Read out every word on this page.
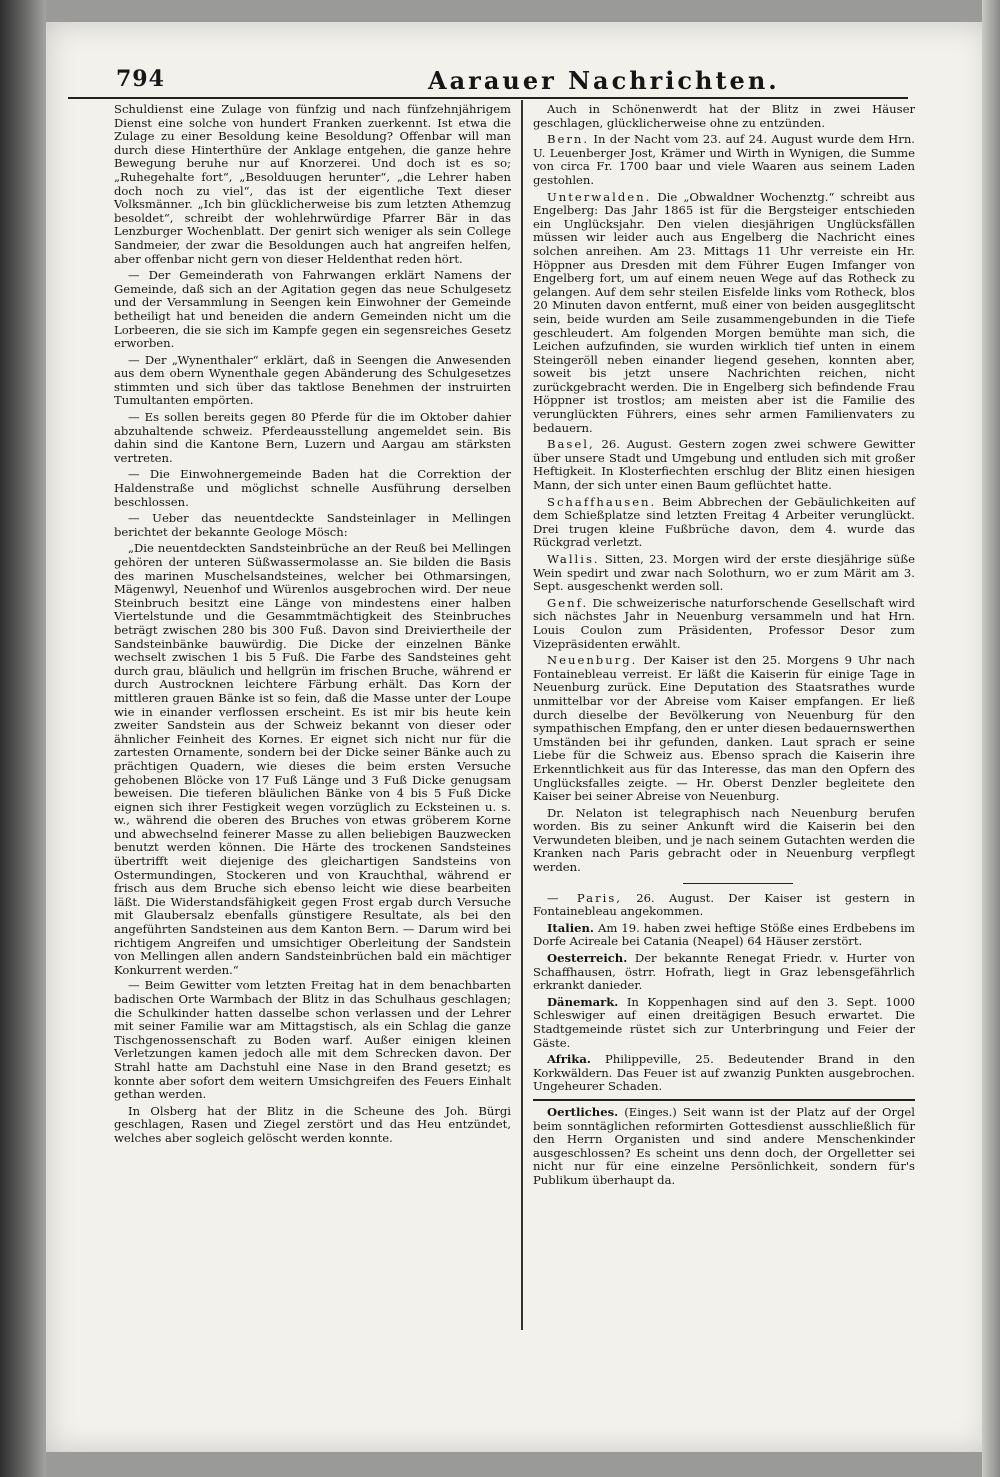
794	Aarauer Nachrichten.

Schuldienst eine Zulage von fünfzig und nach fünfzehnjährigem Dienst eine solche von hundert Franken zuerkennt. Ist etwa die Zulage zu einer Besoldung keine Besoldung? Offenbar will man durch diese Hinterthüre der Anklage entgehen, die ganze hehre Bewegung beruhe nur auf Knorzerei. Und doch ist es so; „Ruhegehalte fort“, „Besolduugen herunter“, „die Lehrer haben doch noch zu viel“, das ist der eigentliche Text dieser Volksmänner. „Ich bin glücklicherweise bis zum letzten Athemzug besoldet“, schreibt der wohlehrwürdige Pfarrer Bär in das Lenzburger Wochenblatt. Der genirt sich weniger als sein College Sandmeier, der zwar die Besoldungen auch hat angreifen helfen, aber offenbar nicht gern von dieser Heldenthat reden hört.

— Der Gemeinderath von Fahrwangen erklärt Namens der Gemeinde, daß sich an der Agitation gegen das neue Schulgesetz und der Versammlung in Seengen kein Einwohner der Gemeinde betheiligt hat und beneiden die andern Gemeinden nicht um die Lorbeeren, die sie sich im Kampfe gegen ein segensreiches Gesetz erworben.

— Der „Wynenthaler“ erklärt, daß in Seengen die Anwesenden aus dem obern Wynenthale gegen Abänderung des Schulgesetzes stimmten und sich über das taktlose Benehmen der instruirten Tumultanten empörten.

— Es sollen bereits gegen 80 Pferde für die im Oktober dahier abzuhaltende schweiz. Pferdeausstellung angemeldet sein. Bis dahin sind die Kantone Bern, Luzern und Aargau am stärksten vertreten.

— Die Einwohnergemeinde Baden hat die Correktion der Haldenstraße und möglichst schnelle Ausführung derselben beschlossen.

— Ueber das neuentdeckte Sandsteinlager in Mellingen berichtet der bekannte Geologe Mösch:

„Die neuentdeckten Sandsteinbrüche an der Reuß bei Mellingen gehören der unteren Süßwassermolasse an. Sie bilden die Basis des marinen Muschelsandsteines, welcher bei Othmarsingen, Mägenwyl, Neuenhof und Würenlos ausgebrochen wird. Der neue Steinbruch besitzt eine Länge von mindestens einer halben Viertelstunde und die Gesammtmächtigkeit des Steinbruches beträgt zwischen 280 bis 300 Fuß. Davon sind Dreiviertheile der Sandsteinbänke bauwürdig. Die Dicke der einzelnen Bänke wechselt zwischen 1 bis 5 Fuß. Die Farbe des Sandsteines geht durch grau, bläulich und hellgrün im frischen Bruche, während er durch Austrocknen leichtere Färbung erhält. Das Korn der mittleren grauen Bänke ist so fein, daß die Masse unter der Loupe wie in einander verflossen erscheint. Es ist mir bis heute kein zweiter Sandstein aus der Schweiz bekannt von dieser oder ähnlicher Feinheit des Kornes. Er eignet sich nicht nur für die zartesten Ornamente, sondern bei der Dicke seiner Bänke auch zu prächtigen Quadern, wie dieses die beim ersten Versuche gehobenen Blöcke von 17 Fuß Länge und 3 Fuß Dicke genugsam beweisen. Die tieferen bläulichen Bänke von 4 bis 5 Fuß Dicke eignen sich ihrer Festigkeit wegen vorzüglich zu Ecksteinen u. s. w., während die oberen des Bruches von etwas gröberem Korne und abwechselnd feinerer Masse zu allen beliebigen Bauzwecken benutzt werden können. Die Härte des trockenen Sandsteines übertrifft weit diejenige des gleichartigen Sandsteins von Ostermundingen, Stockeren und von Krauchthal, während er frisch aus dem Bruche sich ebenso leicht wie diese bearbeiten läßt. Die Widerstandsfähigkeit gegen Frost ergab durch Versuche mit Glaubersalz ebenfalls günstigere Resultate, als bei den angeführten Sandsteinen aus dem Kanton Bern. — Darum wird bei richtigem Angreifen und umsichtiger Oberleitung der Sandstein von Mellingen allen andern Sandsteinbrüchen bald ein mächtiger Konkurrent werden.“

— Beim Gewitter vom letzten Freitag hat in dem benachbarten badischen Orte Warmbach der Blitz in das Schulhaus geschlagen; die Schulkinder hatten dasselbe schon verlassen und der Lehrer mit seiner Familie war am Mittagstisch, als ein Schlag die ganze Tischgenossenschaft zu Boden warf. Außer einigen kleinen Verletzungen kamen jedoch alle mit dem Schrecken davon. Der Strahl hatte am Dachstuhl eine Nase in den Brand gesetzt; es konnte aber sofort dem weitern Umsichgreifen des Feuers Einhalt gethan werden.

In Olsberg hat der Blitz in die Scheune des Joh. Bürgi geschlagen, Rasen und Ziegel zerstört und das Heu entzündet, welches aber sogleich gelöscht werden konnte.

Auch in Schönenwerdt hat der Blitz in zwei Häuser geschlagen, glücklicherweise ohne zu entzünden.

Bern. In der Nacht vom 23. auf 24. August wurde dem Hrn. U. Leuenberger Jost, Krämer und Wirth in Wynigen, die Summe von circa Fr. 1700 baar und viele Waaren aus seinem Laden gestohlen.

Unterwalden. Die „Obwaldner Wochenztg.“ schreibt aus Engelberg: Das Jahr 1865 ist für die Bergsteiger entschieden ein Unglücksjahr. Den vielen diesjährigen Unglücksfällen müssen wir leider auch aus Engelberg die Nachricht eines solchen anreihen. Am 23. Mittags 11 Uhr verreiste ein Hr. Höppner aus Dresden mit dem Führer Eugen Imfanger von Engelberg fort, um auf einem neuen Wege auf das Rotheck zu gelangen. Auf dem sehr steilen Eisfelde links vom Rotheck, blos 20 Minuten davon entfernt, muß einer von beiden ausgeglitscht sein, beide wurden am Seile zusammengebunden in die Tiefe geschleudert. Am folgenden Morgen bemühte man sich, die Leichen aufzufinden, sie wurden wirklich tief unten in einem Steingeröll neben einander liegend gesehen, konnten aber, soweit bis jetzt unsere Nachrichten reichen, nicht zurückgebracht werden. Die in Engelberg sich befindende Frau Höppner ist trostlos; am meisten aber ist die Familie des verunglückten Führers, eines sehr armen Familienvaters zu bedauern.

Basel, 26. August. Gestern zogen zwei schwere Gewitter über unsere Stadt und Umgebung und entluden sich mit großer Heftigkeit. In Klosterfiechten erschlug der Blitz einen hiesigen Mann, der sich unter einen Baum geflüchtet hatte.

Schaffhausen. Beim Abbrechen der Gebäulichkeiten auf dem Schießplatze sind letzten Freitag 4 Arbeiter verunglückt. Drei trugen kleine Fußbrüche davon, dem 4. wurde das Rückgrad verletzt.

Wallis. Sitten, 23. Morgen wird der erste diesjährige süße Wein spedirt und zwar nach Solothurn, wo er zum Märit am 3. Sept. ausgeschenkt werden soll.

Genf. Die schweizerische naturforschende Gesellschaft wird sich nächstes Jahr in Neuenburg versammeln und hat Hrn. Louis Coulon zum Präsidenten, Professor Desor zum Vizepräsidenten erwählt.

Neuenburg. Der Kaiser ist den 25. Morgens 9 Uhr nach Fontainebleau verreist. Er läßt die Kaiserin für einige Tage in Neuenburg zurück. Eine Deputation des Staatsrathes wurde unmittelbar vor der Abreise vom Kaiser empfangen. Er ließ durch dieselbe der Bevölkerung von Neuenburg für den sympathischen Empfang, den er unter diesen bedauernswerthen Umständen bei ihr gefunden, danken. Laut sprach er seine Liebe für die Schweiz aus. Ebenso sprach die Kaiserin ihre Erkenntlichkeit aus für das Interesse, das man den Opfern des Unglücksfalles zeigte. — Hr. Oberst Denzler begleitete den Kaiser bei seiner Abreise von Neuenburg.

Dr. Nelaton ist telegraphisch nach Neuenburg berufen worden. Bis zu seiner Ankunft wird die Kaiserin bei den Verwundeten bleiben, und je nach seinem Gutachten werden die Kranken nach Paris gebracht oder in Neuenburg verpflegt werden.

— Paris, 26. August. Der Kaiser ist gestern in Fontainebleau angekommen.

Italien. Am 19. haben zwei heftige Stöße eines Erdbebens im Dorfe Acireale bei Catania (Neapel) 64 Häuser zerstört.

Oesterreich. Der bekannte Renegat Friedr. v. Hurter von Schaffhausen, östrr. Hofrath, liegt in Graz lebensgefährlich erkrankt danieder.

Dänemark. In Koppenhagen sind auf den 3. Sept. 1000 Schleswiger auf einen dreitägigen Besuch erwartet. Die Stadtgemeinde rüstet sich zur Unterbringung und Feier der Gäste.

Afrika. Philippeville, 25. Bedeutender Brand in den Korkwäldern. Das Feuer ist auf zwanzig Punkten ausgebrochen. Ungeheurer Schaden.

Oertliches. (Einges.) Seit wann ist der Platz auf der Orgel beim sonntäglichen reformirten Gottesdienst ausschließlich für den Herrn Organisten und sind andere Menschenkinder ausgeschlossen? Es scheint uns denn doch, der Orgelletter sei nicht nur für eine einzelne Persönlichkeit, sondern für's Publikum überhaupt da.
